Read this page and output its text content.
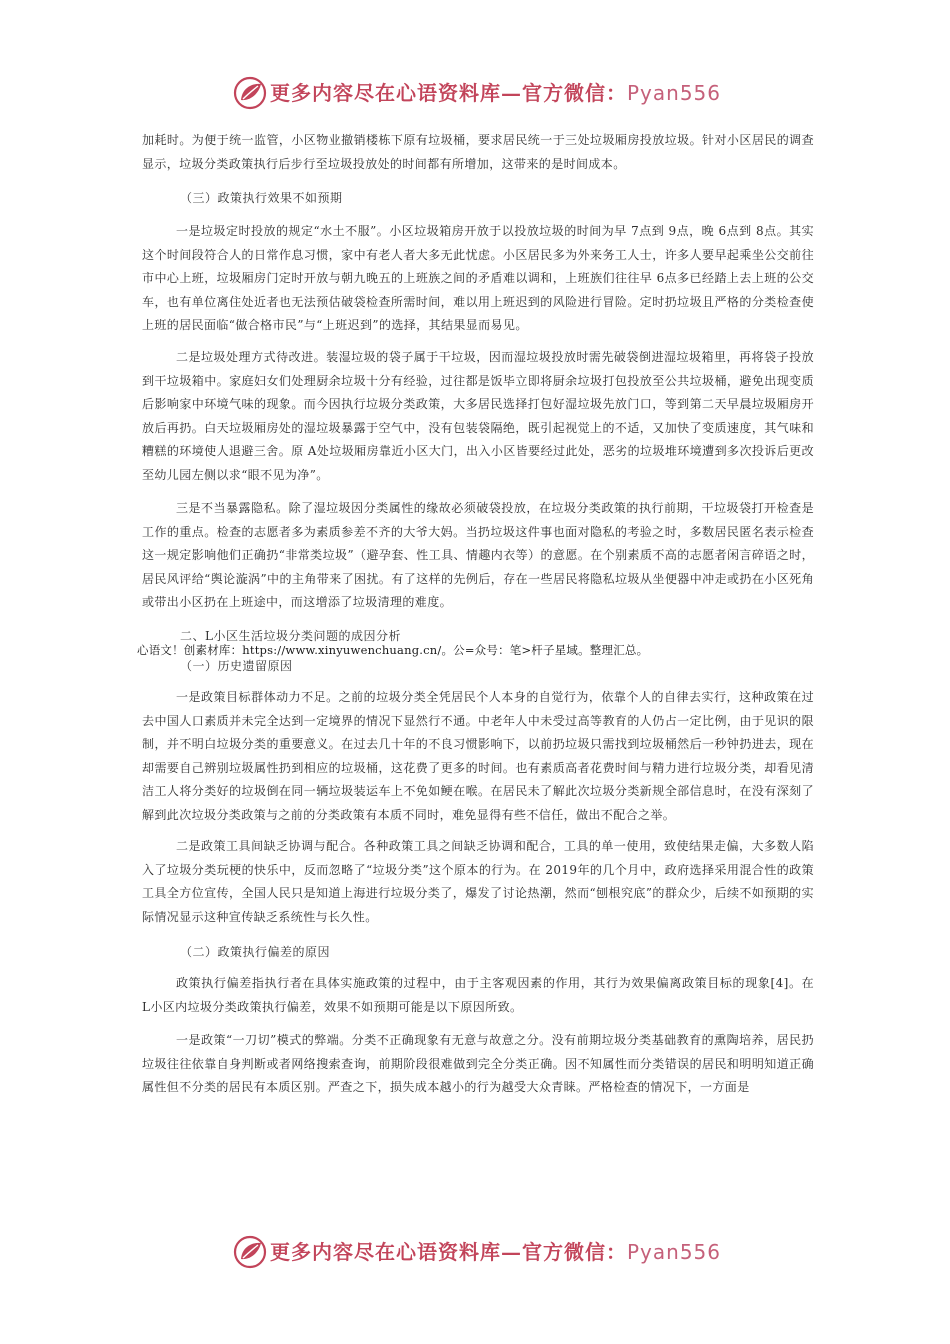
更多内容尽在心语资料库—官方微信：Pyan556
加耗时。为便于统一监管，小区物业撤销楼栋下原有垃圾桶，要求居民统一于三处垃圾厢房投放垃圾。针对小区居民的调查显示，垃圾分类政策执行后步行至垃圾投放处的时间都有所增加，这带来的是时间成本。
（三）政策执行效果不如预期
一是垃圾定时投放的规定“水土不服”。小区垃圾箱房开放于以投放垃圾的时间为早 7点到 9点，晚 6点到 8点。其实这个时间段符合人的日常作息习惯，家中有老人者大多无此忧虑。小区居民多为外来务工人士，许多人要早起乘坐公交前往市中心上班，垃圾厢房门定时开放与朝九晚五的上班族之间的矛盾难以调和，上班族们往往早 6点多已经踏上去上班的公交车，也有单位离住处近者也无法预估破袋检查所需时间，难以用上班迟到的风险进行冒险。定时扔垃圾且严格的分类检查使上班的居民面临“做合格市民”与“上班迟到”的选择，其结果显而易见。
二是垃圾处理方式待改进。装湿垃圾的袋子属于干垃圾，因而湿垃圾投放时需先破袋倒进湿垃圾箱里，再将袋子投放到干垃圾箱中。家庭妇女们处理厨余垃圾十分有经验，过往都是饭毕立即将厨余垃圾打包投放至公共垃圾桶，避免出现变质后影响家中环境气味的现象。而今因执行垃圾分类政策，大多居民选择打包好湿垃圾先放门口，等到第二天早晨垃圾厢房开放后再扔。白天垃圾厢房处的湿垃圾暴露于空气中，没有包装袋隔绝，既引起视觉上的不适，又加快了变质速度，其气味和糟糕的环境使人退避三舍。原 A处垃圾厢房靠近小区大门，出入小区皆要经过此处，恶劣的垃圾堆环境遭到多次投诉后更改至幼儿园左侧以求“眼不见为净”。
三是不当暴露隐私。除了湿垃圾因分类属性的缘故必须破袋投放，在垃圾分类政策的执行前期，干垃圾袋打开检查是工作的重点。检查的志愿者多为素质参差不齐的大爷大妈。当扔垃圾这件事也面对隐私的考验之时，多数居民匿名表示检查这一规定影响他们正确扔“非常类垃圾”（避孕套、性工具、情趣内衣等）的意愿。在个别素质不高的志愿者闲言碎语之时，居民风评给“舆论漩涡”中的主角带来了困扰。有了这样的先例后，存在一些居民将隐私垃圾从坐便器中冲走或扔在小区死角或带出小区扔在上班途中，而这增添了垃圾清理的难度。
二、L小区生活垃圾分类问题的成因分析
心语文！创素材库：https://www.xinyuwenchuang.cn/。公=众号：笔>杆子星域。整理汇总。
（一）历史遗留原因
一是政策目标群体动力不足。之前的垃圾分类全凭居民个人本身的自觉行为，依靠个人的自律去实行，这种政策在过去中国人口素质并未完全达到一定境界的情况下显然行不通。中老年人中未受过高等教育的人仍占一定比例，由于见识的限制，并不明白垃圾分类的重要意义。在过去几十年的不良习惯影响下，以前扔垃圾只需找到垃圾桶然后一秒钟扔进去，现在却需要自己辨别垃圾属性扔到相应的垃圾桶，这花费了更多的时间。也有素质高者花费时间与精力进行垃圾分类，却看见清洁工人将分类好的垃圾倒在同一辆垃圾装运车上不免如鲠在喉。在居民未了解此次垃圾分类新规全部信息时，在没有深刻了解到此次垃圾分类政策与之前的分类政策有本质不同时，难免显得有些不信任，做出不配合之举。
二是政策工具间缺乏协调与配合。各种政策工具之间缺乏协调和配合，工具的单一使用，致使结果走偏，大多数人陷入了垃圾分类玩梗的快乐中，反而忽略了“垃圾分类”这个原本的行为。在 2019年的几个月中，政府选择采用混合性的政策工具全方位宣传，全国人民只是知道上海进行垃圾分类了，爆发了讨论热潮，然而“刨根究底”的群众少，后续不如预期的实际情况显示这种宣传缺乏系统性与长久性。
（二）政策执行偏差的原因
政策执行偏差指执行者在具体实施政策的过程中，由于主客观因素的作用，其行为效果偏离政策目标的现象[4]。在 L小区内垃圾分类政策执行偏差，效果不如预期可能是以下原因所致。
一是政策“一刀切”模式的弊端。分类不正确现象有无意与故意之分。没有前期垃圾分类基础教育的熏陶培养，居民扔垃圾往往依靠自身判断或者网络搜索查询，前期阶段很难做到完全分类正确。因不知属性而分类错误的居民和明明知道正确属性但不分类的居民有本质区别。严查之下，损失成本越小的行为越受大众青睐。严格检查的情况下，一方面是
更多内容尽在心语资料库—官方微信：Pyan556
